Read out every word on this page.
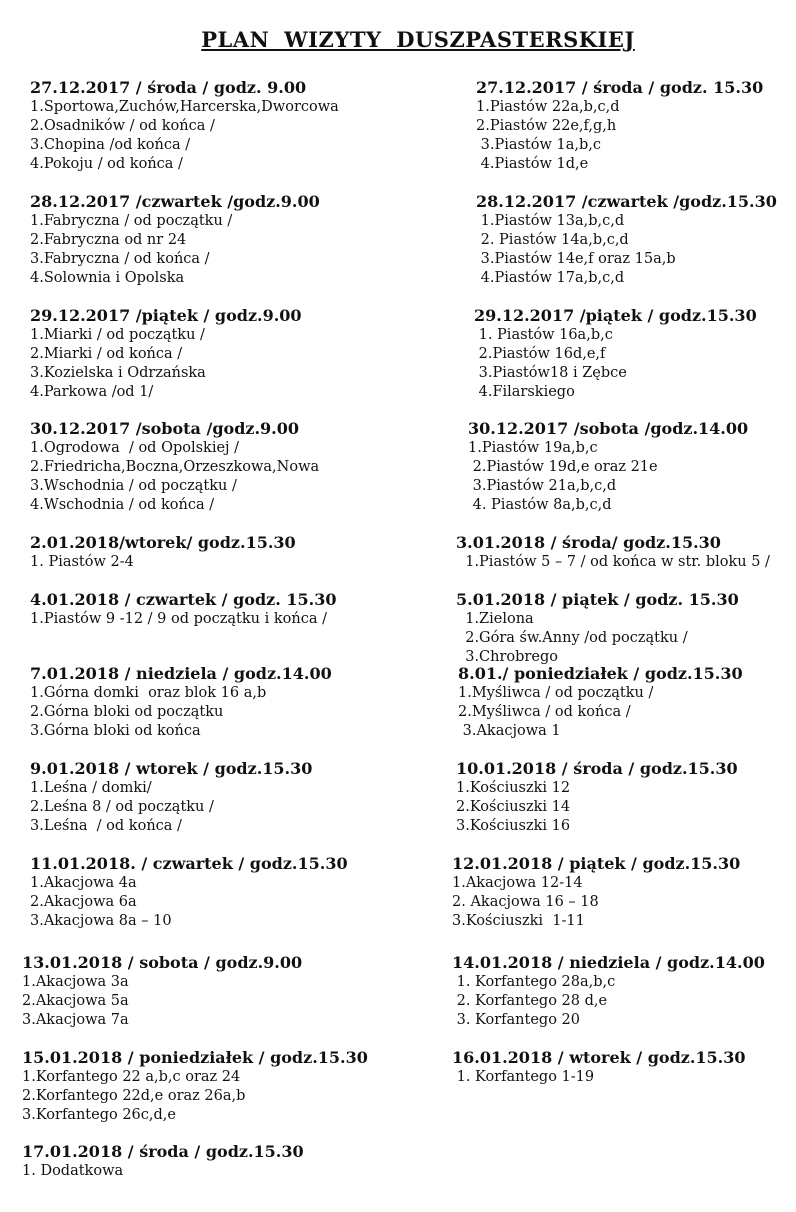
PLAN WIZYTY DUSZPASTERSKIEJ
27.12.2017 / środa / godz. 9.00
1.Sportowa,Zuchów,Harcerska,Dworcowa
2.Osadników / od końca /
3.Chopina /od końca /
4.Pokoju / od końca /
27.12.2017 / środa / godz. 15.30
1.Piastów 22a,b,c,d
2.Piastów 22e,f,g,h
3.Piastów 1a,b,c
4.Piastów 1d,e
28.12.2017 /czwartek /godz.9.00
1.Fabryczna / od początku /
2.Fabryczna od nr 24
3.Fabryczna / od końca /
4.Solownia i Opolska
28.12.2017 /czwartek /godz.15.30
1.Piastów 13a,b,c,d
2. Piastów 14a,b,c,d
3.Piastów 14e,f oraz 15a,b
4.Piastów 17a,b,c,d
29.12.2017 /piątek / godz.9.00
1.Miarki / od początku /
2.Miarki / od końca /
3.Kozielska i Odrzańska
4.Parkowa /od 1/
29.12.2017 /piątek / godz.15.30
1. Piastów 16a,b,c
2.Piastów 16d,e,f
3.Piastów18 i Zębce
4.Filarskiego
30.12.2017 /sobota /godz.9.00
1.Ogrodowa  / od Opolskiej /
2.Friedricha,Boczna,Orzeszkowa,Nowa
3.Wschodnia / od początku /
4.Wschodnia / od końca /
30.12.2017 /sobota /godz.14.00
1.Piastów 19a,b,c
2.Piastów 19d,e oraz 21e
3.Piastów 21a,b,c,d
4. Piastów 8a,b,c,d
2.01.2018/wtorek/ godz.15.30
1. Piastów 2-4
3.01.2018 / środa/ godz.15.30
1.Piastów 5 – 7 / od końca w str. bloku 5 /
4.01.2018 / czwartek / godz. 15.30
1.Piastów 9 -12 / 9 od początku i końca /
5.01.2018 / piątek / godz. 15.30
1.Zielona
2.Góra św.Anny /od początku /
3.Chrobrego
7.01.2018 / niedziela / godz.14.00
1.Górna domki  oraz blok 16 a,b
2.Górna bloki od początku
3.Górna bloki od końca
8.01./ poniedziałek / godz.15.30
1.Myśliwca / od początku /
2.Myśliwca / od końca /
3.Akacjowa 1
9.01.2018 / wtorek / godz.15.30
1.Leśna / domki/
2.Leśna 8 / od początku /
3.Leśna  / od końca /
10.01.2018 / środa / godz.15.30
1.Kościuszki 12
2.Kościuszki 14
3.Kościuszki 16
11.01.2018. / czwartek / godz.15.30
1.Akacjowa 4a
2.Akacjowa 6a
3.Akacjowa 8a – 10
12.01.2018 / piątek / godz.15.30
1.Akacjowa 12-14
2. Akacjowa 16 – 18
3.Kościuszki  1-11
13.01.2018 / sobota / godz.9.00
1.Akacjowa 3a
2.Akacjowa 5a
3.Akacjowa 7a
14.01.2018 / niedziela / godz.14.00
1. Korfantego 28a,b,c
2. Korfantego 28 d,e
3. Korfantego 20
15.01.2018 / poniedziałek / godz.15.30
1.Korfantego 22 a,b,c oraz 24
2.Korfantego 22d,e oraz 26a,b
3.Korfantego 26c,d,e
16.01.2018 / wtorek / godz.15.30
1. Korfantego 1-19
17.01.2018 / środa / godz.15.30
1. Dodatkowa
